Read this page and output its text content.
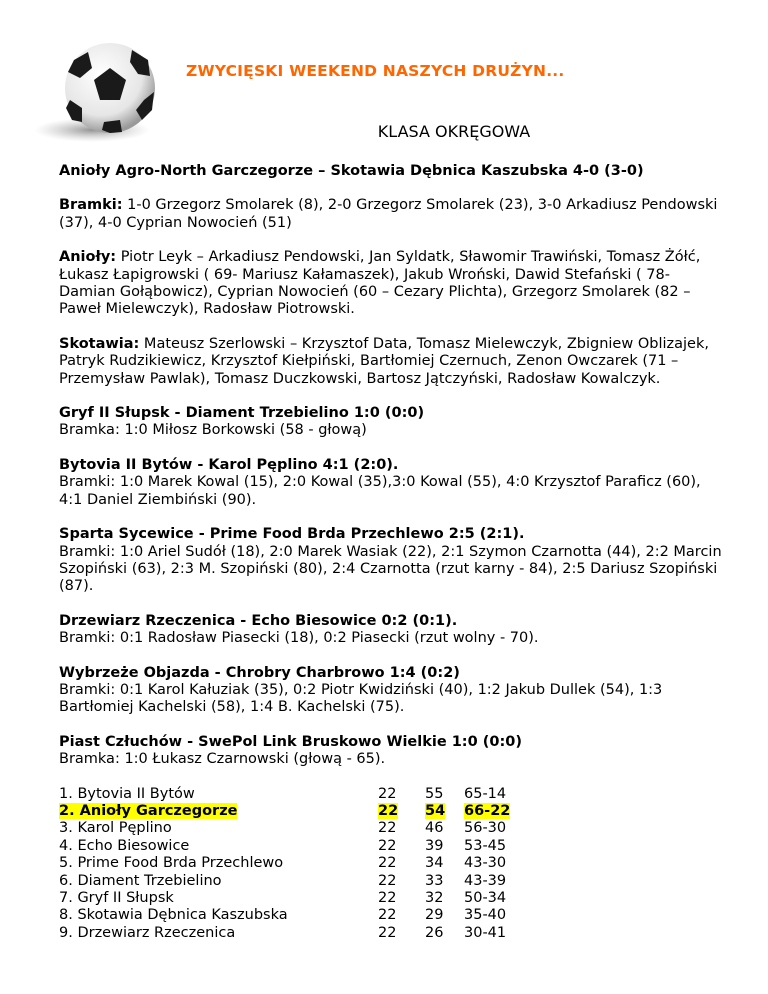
ZWYCIĘSKI WEEKEND NASZYCH DRUŻYN...
KLASA OKRĘGOWA

Anioły Agro-North Garczegorze – Skotawia Dębnica Kaszubska 4-0 (3-0)

Bramki: 1-0 Grzegorz Smolarek (8), 2-0 Grzegorz Smolarek (23), 3-0 Arkadiusz Pendowski (37), 4-0 Cyprian Nowocień (51)

Anioły: Piotr Leyk – Arkadiusz Pendowski, Jan Syldatk, Sławomir Trawiński, Tomasz Żółć, Łukasz Łapigrowski ( 69- Mariusz Kałamaszek), Jakub Wroński, Dawid Stefański ( 78- Damian Gołąbowicz), Cyprian Nowocień (60 – Cezary Plichta), Grzegorz Smolarek (82 – Paweł Mielewczyk), Radosław Piotrowski.

Skotawia: Mateusz Szerlowski – Krzysztof Data, Tomasz Mielewczyk, Zbigniew Oblizajek, Patryk Rudzikiewicz, Krzysztof Kiełpiński, Bartłomiej Czernuch, Zenon Owczarek (71 – Przemysław Pawlak), Tomasz Duczkowski, Bartosz Jątczyński, Radosław Kowalczyk.

Gryf II Słupsk - Diament Trzebielino 1:0 (0:0)

Bramka: 1:0 Miłosz Borkowski (58 - głową)

Bytovia II Bytów - Karol Pęplino 4:1 (2:0).

Bramki: 1:0 Marek Kowal (15), 2:0 Kowal (35),3:0 Kowal (55), 4:0 Krzysztof Paraficz (60), 4:1 Daniel Ziembiński (90).

Sparta Sycewice - Prime Food Brda Przechlewo 2:5 (2:1).

Bramki: 1:0 Ariel Sudół (18), 2:0 Marek Wasiak (22), 2:1 Szymon Czarnotta (44), 2:2 Marcin Szopiński (63), 2:3 M. Szopiński (80), 2:4 Czarnotta (rzut karny - 84), 2:5 Dariusz Szopiński (87).

Drzewiarz Rzeczenica - Echo Biesowice 0:2 (0:1).

Bramki: 0:1 Radosław Piasecki (18), 0:2 Piasecki (rzut wolny - 70).

Wybrzeże Objazda - Chrobry Charbrowo 1:4 (0:2)

Bramki: 0:1 Karol Kałuziak (35), 0:2 Piotr Kwidziński (40), 1:2 Jakub Dullek (54), 1:3 Bartłomiej Kachelski (58), 1:4 B. Kachelski (75).

Piast Człuchów - SwePol Link Bruskowo Wielkie 1:0 (0:0)

Bramka: 1:0 Łukasz Czarnowski (głową - 65).

1. Bytovia II Bytów	22	55	65-14
2. Anioły Garczegorze	22	54	66-22
3. Karol Pęplino	22	46	56-30
4. Echo Biesowice	22	39	53-45
5. Prime Food Brda Przechlewo	22	34	43-30
6. Diament Trzebielino	22	33	43-39
7. Gryf II Słupsk	22	32	50-34
8. Skotawia Dębnica Kaszubska	22	29	35-40
9. Drzewiarz Rzeczenica	22	26	30-41
